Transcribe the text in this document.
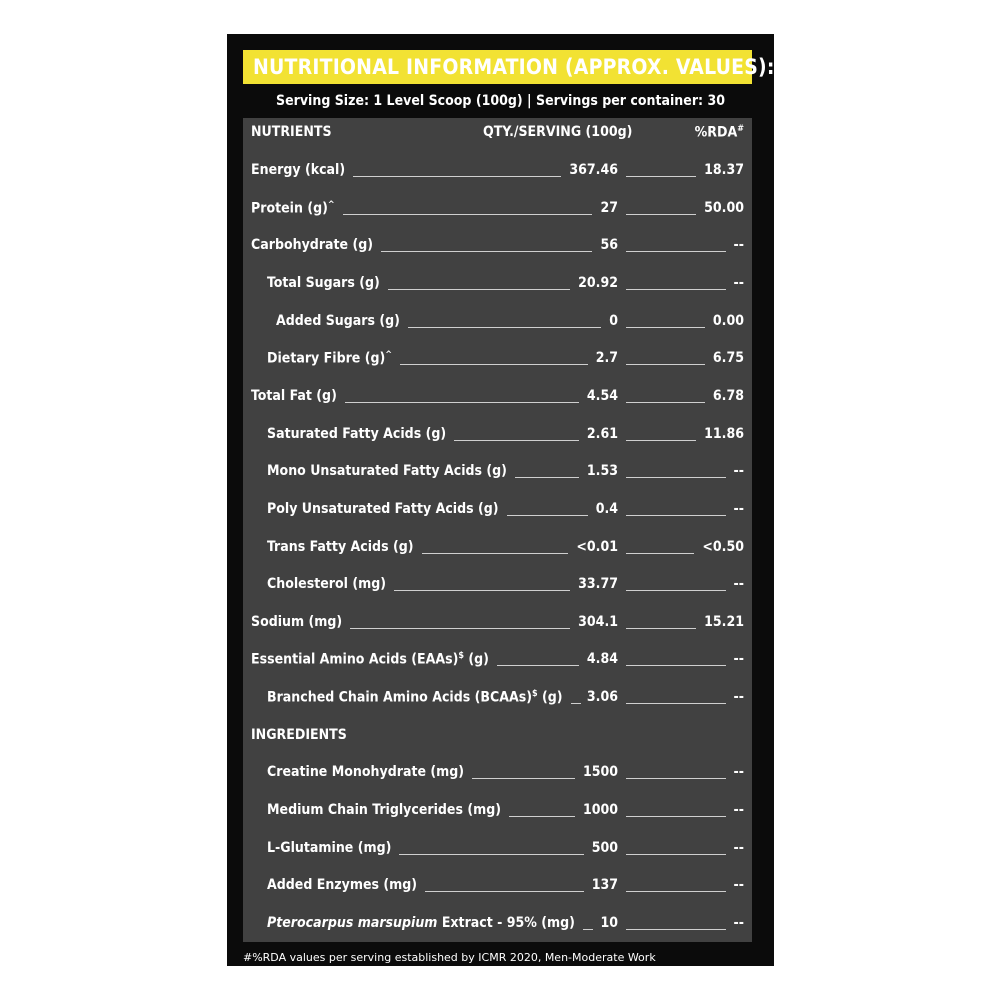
NUTRITIONAL INFORMATION (APPROX. VALUES):
Serving Size: 1 Level Scoop (100g) | Servings per container: 30
NUTRIENTS	QTY./SERVING (100g)	%RDA#
Energy (kcal)	367.46	18.37
Protein (g)^	27	50.00
Carbohydrate (g)	56	--
Total Sugars (g)	20.92	--
Added Sugars (g)	0	0.00
Dietary Fibre (g)^	2.7	6.75
Total Fat (g)	4.54	6.78
Saturated Fatty Acids (g)	2.61	11.86
Mono Unsaturated Fatty Acids (g)	1.53	--
Poly Unsaturated Fatty Acids (g)	0.4	--
Trans Fatty Acids (g)	<0.01	<0.50
Cholesterol (mg)	33.77	--
Sodium (mg)	304.1	15.21
Essential Amino Acids (EAAs)$ (g)	4.84	--
Branched Chain Amino Acids (BCAAs)$ (g) 3.06	--
INGREDIENTS
Creatine Monohydrate (mg)	1500	--
Medium Chain Triglycerides (mg)	1000	--
L-Glutamine (mg)	500	--
Added Enzymes (mg)	137	--
Pterocarpus marsupium Extract - 95% (mg) 10	--
#%RDA values per serving established by ICMR 2020, Men-Moderate Work
